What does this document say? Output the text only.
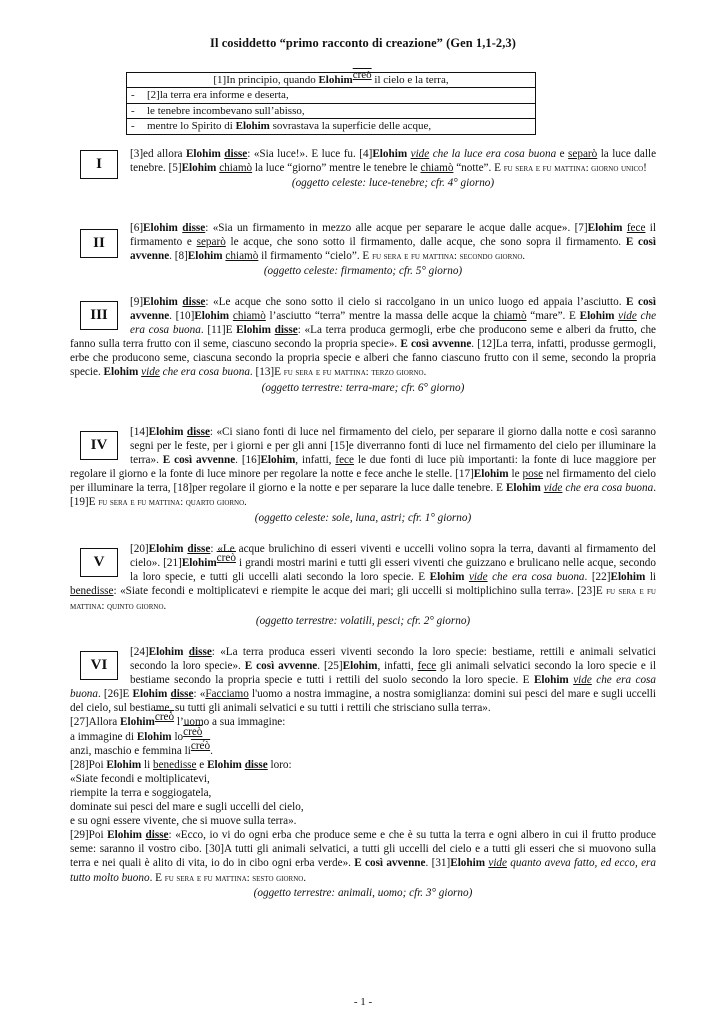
Il cosiddetto “primo racconto di creazione” (Gen 1,1-2,3)
[1]In principio, quando Elohimcreò il cielo e la terra,	
-	[2]la terra era informe e deserta,
-	le tenebre incombevano sull’abisso,
-	mentre lo Spirito di Elohim sovrastava la superficie delle acque,
I
[3]ed allora Elohim disse: «Sia luce!». E luce fu. [4]Elohim vide che la luce era cosa buona e separò la luce dalle tenebre. [5]Elohim chiamò la luce “giorno” mentre le tenebre le chiamò “notte”. E fu sera e fu mattina: giorno unico!
(oggetto celeste: luce-tenebre; cfr. 4° giorno)
II
[6]Elohim disse: «Sia un firmamento in mezzo alle acque per separare le acque dalle acque». [7]Elohim fece il firmamento e separò le acque, che sono sotto il firmamento, dalle acque, che sono sopra il firmamento. E così avvenne. [8]Elohim chiamò il firmamento “cielo”. E fu sera e fu mattina: secondo giorno.
(oggetto celeste: firmamento; cfr. 5° giorno)
III
[9]Elohim disse: «Le acque che sono sotto il cielo si raccolgano in un unico luogo ed appaia l’asciutto. E così avvenne. [10]Elohim chiamò l’asciutto “terra” mentre la massa delle acque la chiamò “mare”. E Elohim vide che era cosa buona. [11]E Elohim disse: «La terra produca germogli, erbe che producono seme e alberi da frutto, che fanno sulla terra frutto con il seme, ciascuno secondo la propria specie». E così avvenne. [12]La terra, infatti, produsse germogli, erbe che producono seme, ciascuna secondo la propria specie e alberi che fanno ciascuno frutto con il seme, secondo la propria specie. Elohim vide che era cosa buona. [13]E fu sera e fu mattina: terzo giorno.
(oggetto terrestre: terra-mare; cfr. 6° giorno)
IV
[14]Elohim disse: «Ci siano fonti di luce nel firmamento del cielo, per separare il giorno dalla notte e così saranno segni per le feste, per i giorni e per gli anni [15]e diverranno fonti di luce nel firmamento del cielo per illuminare la terra». E così avvenne. [16]Elohim, infatti, fece le due fonti di luce più importanti: la fonte di luce maggiore per regolare il giorno e la fonte di luce minore per regolare la notte e fece anche le stelle. [17]Elohim le pose nel firmamento del cielo per illuminare la terra, [18]per regolare il giorno e la notte e per separare la luce dalle tenebre. E Elohim vide che era cosa buona. [19]E fu sera e fu mattina: quarto giorno.
(oggetto celeste: sole, luna, astri; cfr. 1° giorno)
V
[20]Elohim disse: «Le acque brulichino di esseri viventi e uccelli volino sopra la terra, davanti al firmamento del cielo». [21]Elohimcreò i grandi mostri marini e tutti gli esseri viventi che guizzano e brulicano nelle acque, secondo la loro specie, e tutti gli uccelli alati secondo la loro specie. E Elohim vide che era cosa buona. [22]Elohim li benedisse: «Siate fecondi e moltiplicatevi e riempite le acque dei mari; gli uccelli si moltiplichino sulla terra». [23]E fu sera e fu mattina: quinto giorno.
(oggetto terrestre: volatili, pesci; cfr. 2° giorno)
VI
[24]Elohim disse: «La terra produca esseri viventi secondo la loro specie: bestiame, rettili e animali selvatici secondo la loro specie». E così avvenne. [25]Elohim, infatti, fece gli animali selvatici secondo la loro specie e il bestiame secondo la propria specie e tutti i rettili del suolo secondo la loro specie. E Elohim vide che era cosa buona. [26]E Elohim disse: «Facciamo l'uomo a nostra immagine, a nostra somiglianza: domini sui pesci del mare e sugli uccelli del cielo, sul bestiame, su tutti gli animali selvatici e su tutti i rettili che strisciano sulla terra».
[27]Allora Elohimcreò l’uomo a sua immagine:
a immagine di Elohim locreò,
anzi, maschio e femmina licreò.
[28]Poi Elohim li benedisse e Elohim disse loro:
«Siate fecondi e moltiplicatevi,
riempite la terra e soggiogatela,
dominate sui pesci del mare e sugli uccelli del cielo,
e su ogni essere vivente, che si muove sulla terra».
[29]Poi Elohim disse: «Ecco, io vi do ogni erba che produce seme e che è su tutta la terra e ogni albero in cui il frutto produce seme: saranno il vostro cibo. [30]A tutti gli animali selvatici, a tutti gli uccelli del cielo e a tutti gli esseri che si muovono sulla terra e nei quali è alito di vita, io do in cibo ogni erba verde». E così avvenne. [31]Elohim vide quanto aveva fatto, ed ecco, era tutto molto buono. E fu sera e fu mattina: sesto giorno.
(oggetto terrestre: animali, uomo; cfr. 3° giorno)
- 1 -
